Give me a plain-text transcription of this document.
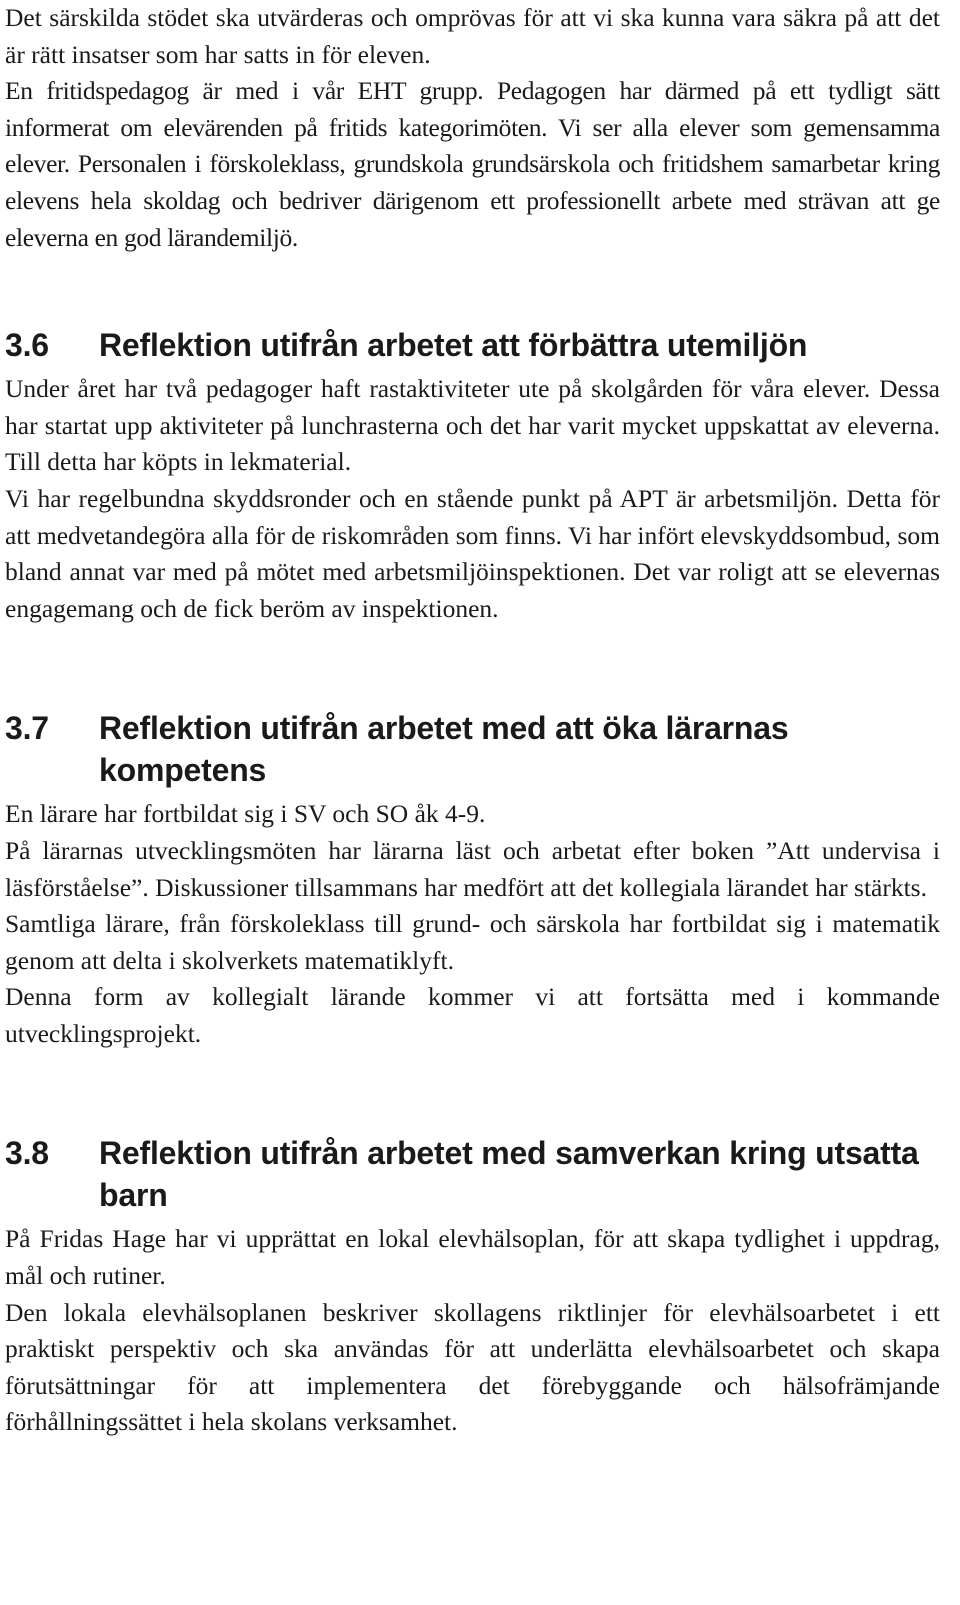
Det särskilda stödet ska utvärderas och omprövas för att vi ska kunna vara säkra på att det är rätt insatser som har satts in för eleven.

En fritidspedagog är med i vår EHT grupp. Pedagogen har därmed på ett tydligt sätt informerat om elevärenden på fritids kategorimöten. Vi ser alla elever som gemensamma elever. Personalen i förskoleklass, grundskola grundsärskola och fritidshem samarbetar kring elevens hela skoldag och bedriver därigenom ett professionellt arbete med strävan att ge eleverna en god lärandemiljö.

3.6	Reflektion utifrån arbetet att förbättra utemiljön

Under året har två pedagoger haft rastaktiviteter ute på skolgården för våra elever. Dessa har startat upp aktiviteter på lunchrasterna och det har varit mycket uppskattat av eleverna. Till detta har köpts in lekmaterial.

Vi har regelbundna skyddsronder och en stående punkt på APT är arbetsmiljön. Detta för att medvetandegöra alla för de riskområden som finns. Vi har infört elevskyddsombud, som bland annat var med på mötet med arbetsmiljöinspektionen. Det var roligt att se elevernas engagemang och de fick beröm av inspektionen.

3.7	Reflektion utifrån arbetet med att öka lärarnas kompetens

En lärare har fortbildat sig i SV och SO åk 4-9.

På lärarnas utvecklingsmöten har lärarna läst och arbetat efter boken ”Att undervisa i läsförståelse”. Diskussioner tillsammans har medfört att det kollegiala lärandet har stärkts.

Samtliga lärare, från förskoleklass till grund- och särskola har fortbildat sig i matematik genom att delta i skolverkets matematiklyft.

Denna form av kollegialt lärande kommer vi att fortsätta med i kommande utvecklingsprojekt.

3.8	Reflektion utifrån arbetet med samverkan kring utsatta barn

På Fridas Hage har vi upprättat en lokal elevhälsoplan, för att skapa tydlighet i uppdrag, mål och rutiner.

Den lokala elevhälsoplanen beskriver skollagens riktlinjer för elevhälsoarbetet i ett praktiskt perspektiv och ska användas för att underlätta elevhälsoarbetet och skapa förutsättningar för att implementera det förebyggande och hälsofrämjande förhållningssättet i hela skolans verksamhet.
